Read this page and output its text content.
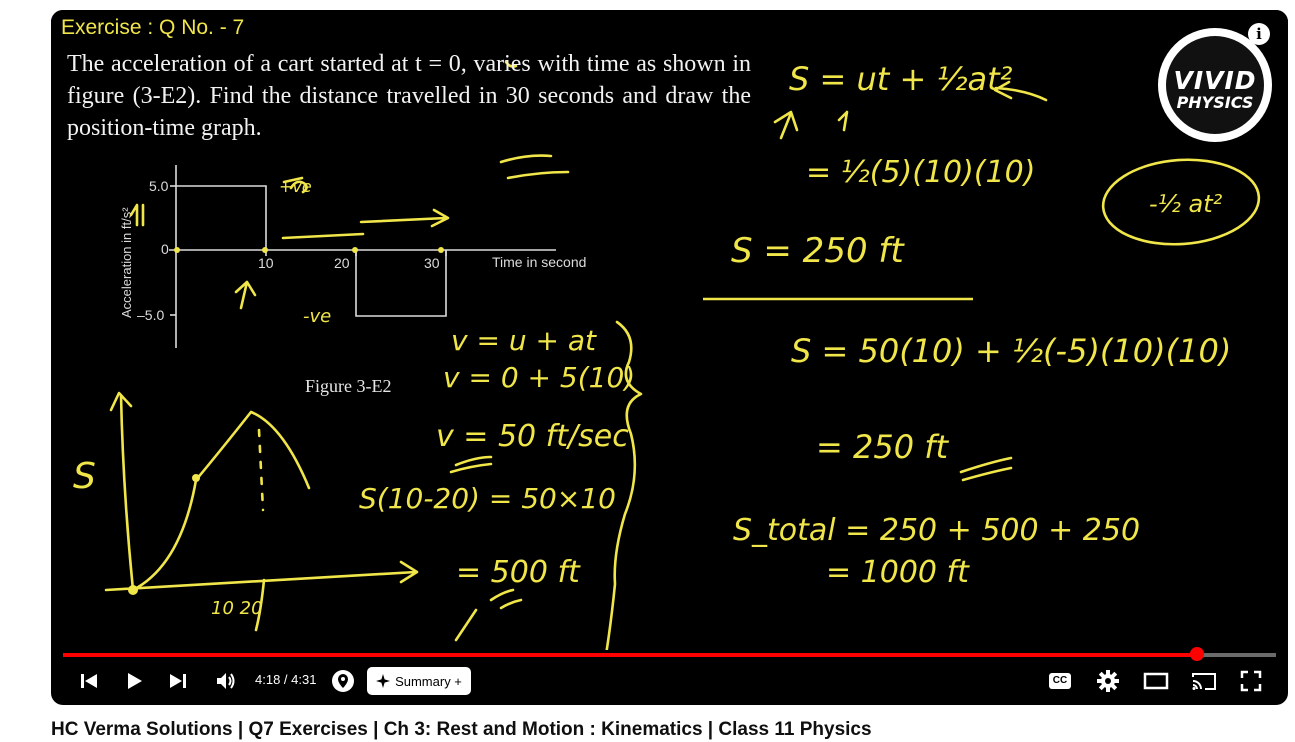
Acceleration in ft/s²
5.0
0
–5.0
10	20	30	Time in second
+ve
-ve
S
10 20
v = u + at
v = 0 + 5(10)
v = 50 ft/sec
S(10-20) = 50×10
= 500 ft
S = ut + ½at²
= ½(5)(10)(10)
S = 250 ft
S = 50(10) + ½(-5)(10)(10)
= 250 ft
S_total = 250 + 500 + 250
= 1000 ft
-½ at²
Exercise : Q No. - 7
The acceleration of a cart started at t = 0, varies with time as shown in figure (3-E2). Find the distance travelled in 30 seconds and draw the position-time graph.
Figure 3-E2
VIVID
PHYSICS
i
4:18 / 4:31	Summary +	CC
HC Verma Solutions | Q7 Exercises | Ch 3: Rest and Motion : Kinematics | Class 11 Physics
